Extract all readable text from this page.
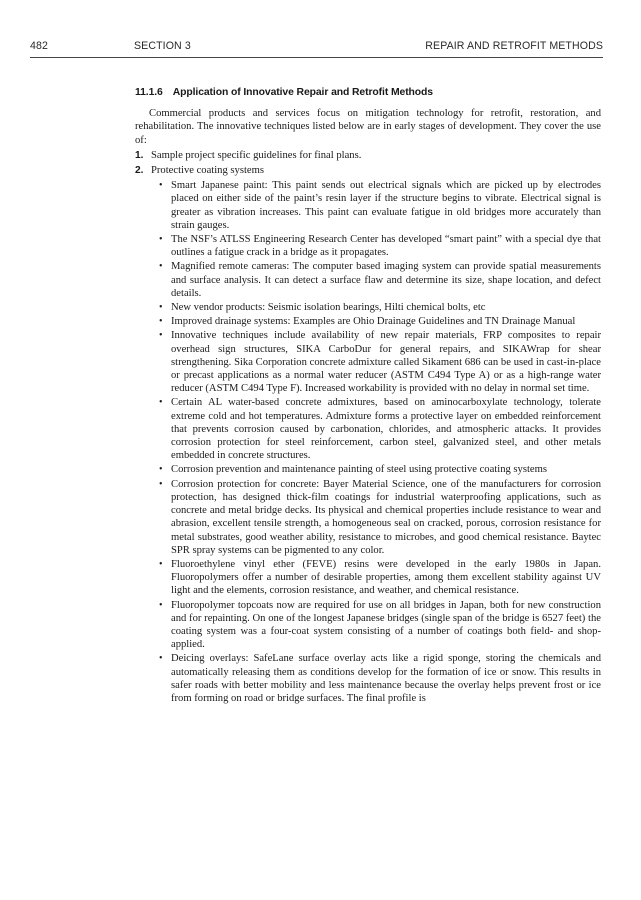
482	SECTION 3	REPAIR AND RETROFIT METHODS
11.1.6 Application of Innovative Repair and Retrofit Methods

Commercial products and services focus on mitigation technology for retrofit, restoration, and rehabilitation. The innovative techniques listed below are in early stages of development. They cover the use of:

1. Sample project specific guidelines for final plans.
2. Protective coating systems
• Smart Japanese paint: This paint sends out electrical signals which are picked up by electrodes placed on either side of the paint’s resin layer if the structure begins to vibrate. Electrical signal is greater as vibration increases. This paint can evaluate fatigue in old bridges more accurately than strain gauges.
• The NSF’s ATLSS Engineering Research Center has developed “smart paint” with a special dye that outlines a fatigue crack in a bridge as it propagates.
• Magnified remote cameras: The computer based imaging system can provide spatial measurements and surface analysis. It can detect a surface flaw and determine its size, shape location, and defect details.
• New vendor products: Seismic isolation bearings, Hilti chemical bolts, etc
• Improved drainage systems: Examples are Ohio Drainage Guidelines and TN Drainage Manual
• Innovative techniques include availability of new repair materials, FRP composites to repair overhead sign structures, SIKA CarboDur for general repairs, and SIKAWrap for shear strengthening. Sika Corporation concrete admixture called Sikament 686 can be used in cast-in-place or precast applications as a normal water reducer (ASTM C494 Type A) or as a high-range water reducer (ASTM C494 Type F). Increased workability is provided with no delay in normal set time.
• Certain AL water-based concrete admixtures, based on aminocarboxylate technology, tolerate extreme cold and hot temperatures. Admixture forms a protective layer on embedded reinforcement that prevents corrosion caused by carbonation, chlorides, and atmospheric attacks. It provides corrosion protection for steel reinforcement, carbon steel, galvanized steel, and other metals embedded in concrete structures.
• Corrosion prevention and maintenance painting of steel using protective coating systems
• Corrosion protection for concrete: Bayer Material Science, one of the manufacturers for corrosion protection, has designed thick-film coatings for industrial waterproofing applications, such as concrete and metal bridge decks. Its physical and chemical properties include resistance to wear and abrasion, excellent tensile strength, a homogeneous seal on cracked, porous, corrosion resistance for metal substrates, good weather ability, resistance to microbes, and good chemical resistance. Baytec SPR spray systems can be pigmented to any color.
• Fluoroethylene vinyl ether (FEVE) resins were developed in the early 1980s in Japan. Fluoropolymers offer a number of desirable properties, among them excellent stability against UV light and the elements, corrosion resistance, and weather, and chemical resistance.
• Fluoropolymer topcoats now are required for use on all bridges in Japan, both for new construction and for repainting. On one of the longest Japanese bridges (single span of the bridge is 6527 feet) the coating system was a four-coat system consisting of a number of coatings both field- and shop-applied.
• Deicing overlays: SafeLane surface overlay acts like a rigid sponge, storing the chemicals and automatically releasing them as conditions develop for the formation of ice or snow. This results in safer roads with better mobility and less maintenance because the overlay helps prevent frost or ice from forming on road or bridge surfaces. The final profile is
